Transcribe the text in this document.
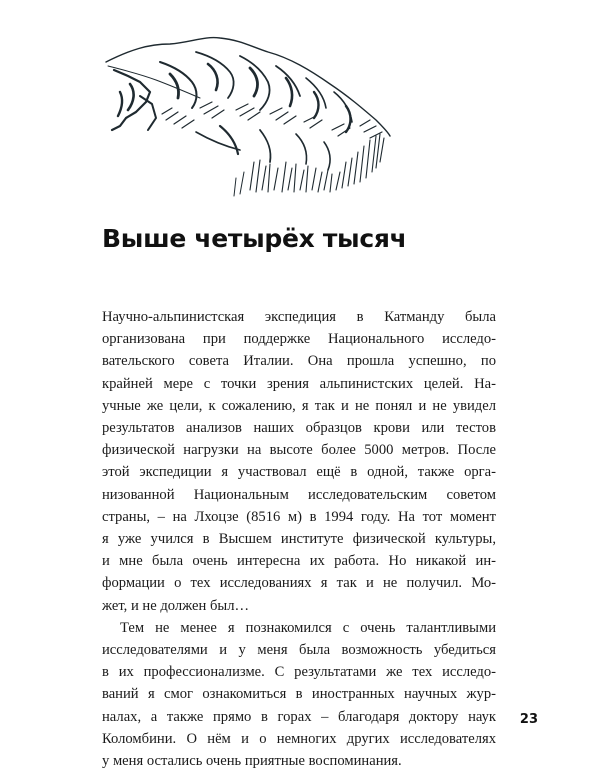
Выше четырёх тысяч

Научно-альпинистская экспедиция в Катманду была

организована при поддержке Национального исследо-

вательского совета Италии. Она прошла успешно, по

крайней мере с точки зрения альпинистских целей. На-

учные же цели, к сожалению, я так и не понял и не увидел

результатов анализов наших образцов крови или тестов

физической нагрузки на высоте более 5000 метров. После

этой экспедиции я участвовал ещё в одной, также орга-

низованной Национальным исследовательским советом

страны, – на Лхоцзе (8516 м) в 1994 году. На тот момент

я уже учился в Высшем институте физической культуры,

и мне была очень интересна их работа. Но никакой ин-

формации о тех исследованиях я так и не получил. Мо-

жет, и не должен был…

Тем не менее я познакомился с очень талантливыми

исследователями и у меня была возможность убедиться

в их профессионализме. С результатами же тех исследо-

ваний я смог ознакомиться в иностранных научных жур-

налах, а также прямо в горах – благодаря доктору наук

Коломбини. О нём и о немногих других исследователях

у меня остались очень приятные воспоминания.

23
